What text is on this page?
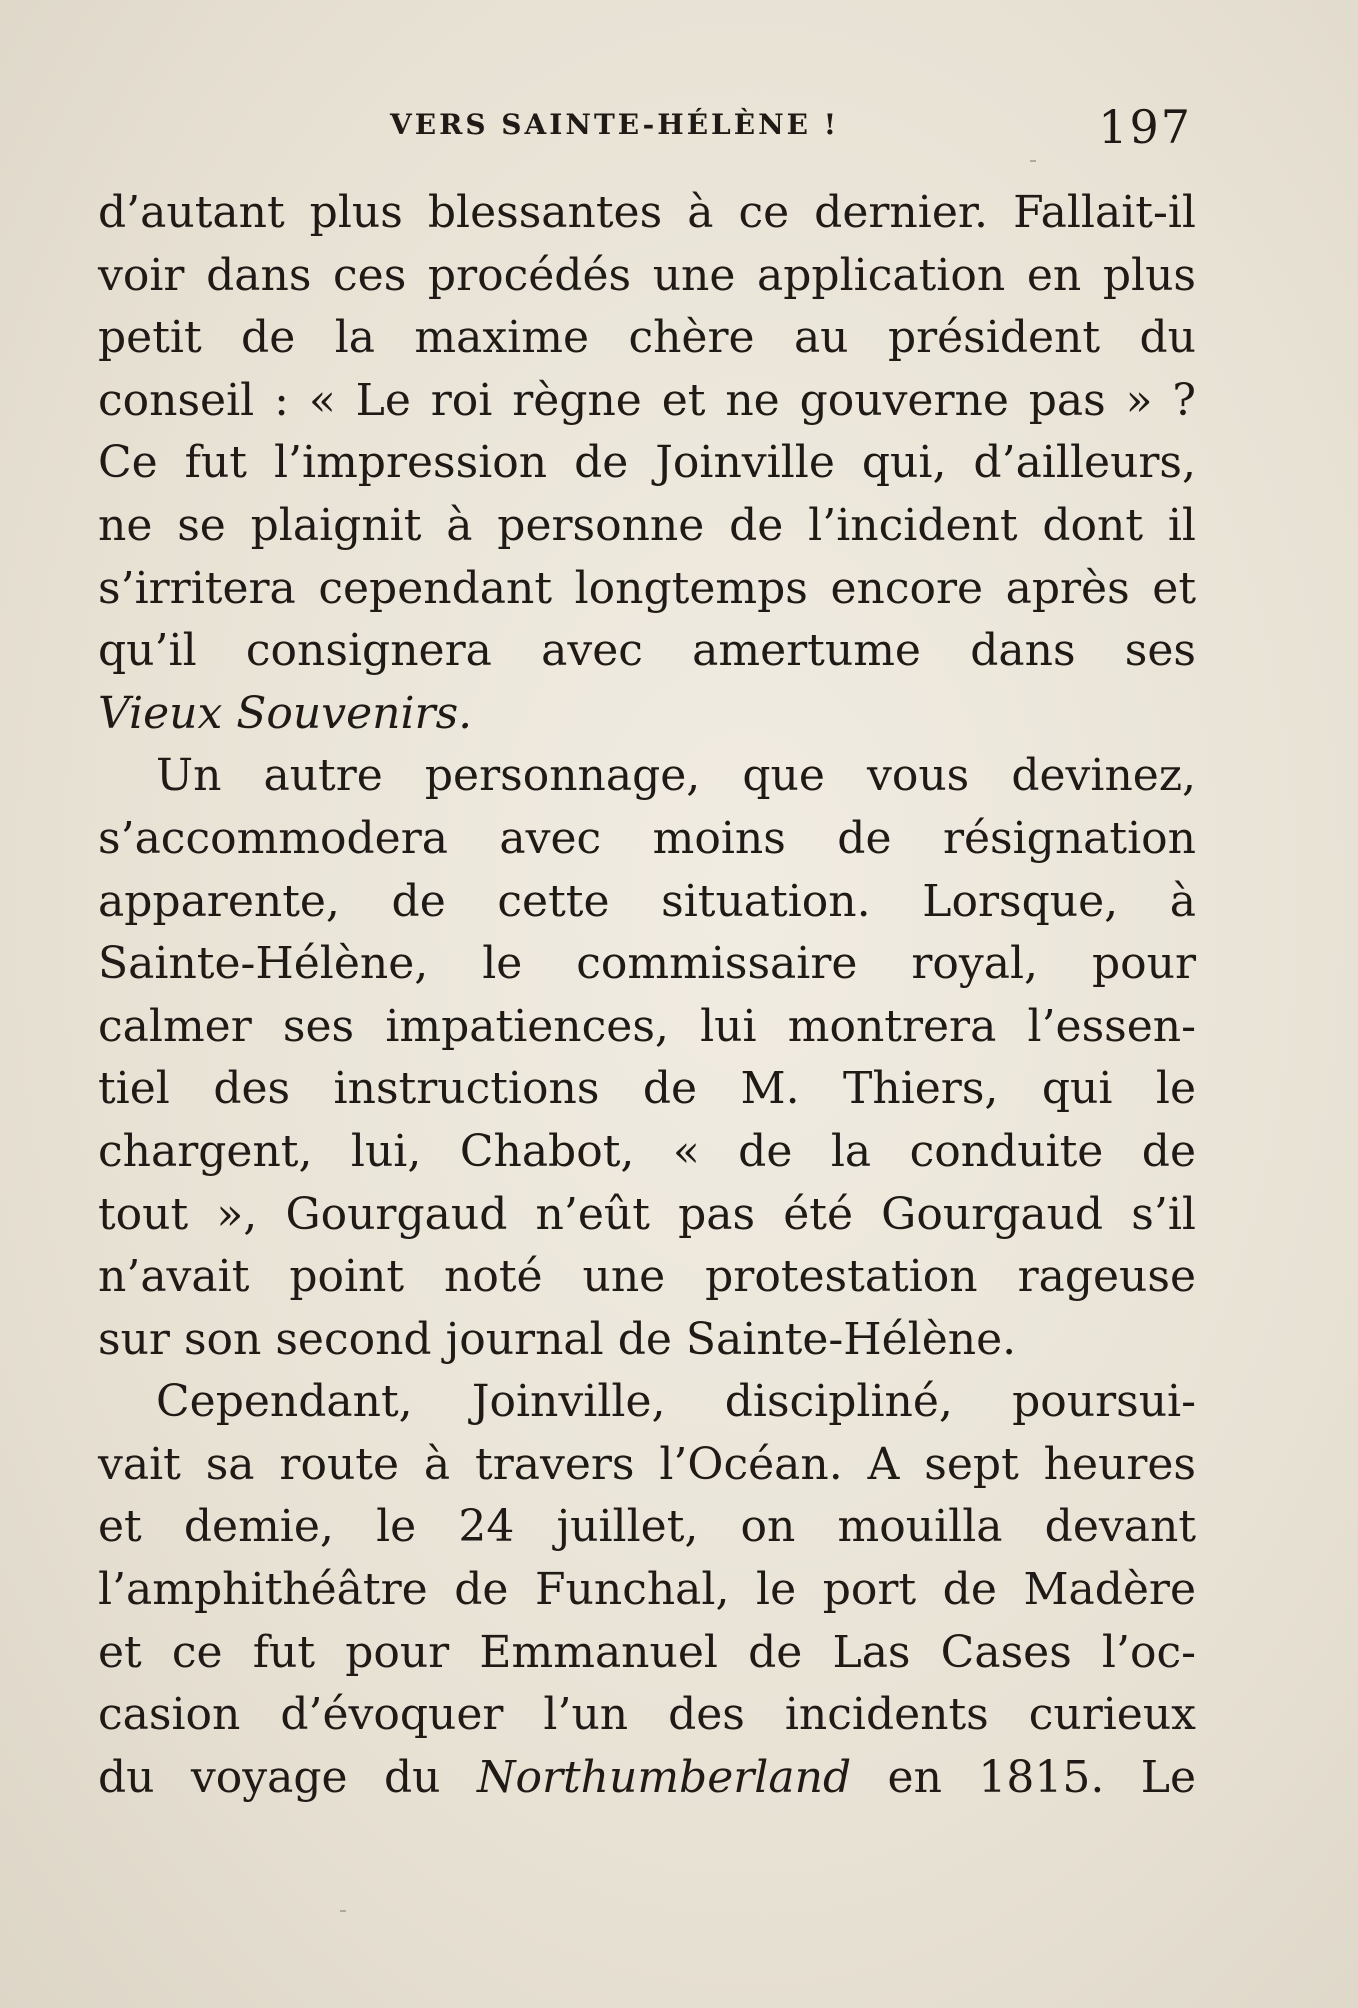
VERS SAINTE-HÉLÈNE !	197
d’autant plus blessantes à ce dernier. Fallait-il
voir dans ces procédés une application en plus
petit de la maxime chère au président du
conseil : « Le roi règne et ne gouverne pas » ?
Ce fut l’impression de Joinville qui, d’ailleurs,
ne se plaignit à personne de l’incident dont il
s’irritera cependant longtemps encore après et
qu’il consignera avec amertume dans ses
Vieux Souvenirs.
Un autre personnage, que vous devinez,
s’accommodera avec moins de résignation
apparente, de cette situation. Lorsque, à
Sainte-Hélène, le commissaire royal, pour
calmer ses impatiences, lui montrera l’essen-
tiel des instructions de M. Thiers, qui le
chargent, lui, Chabot, « de la conduite de
tout », Gourgaud n’eût pas été Gourgaud s’il
n’avait point noté une protestation rageuse
sur son second journal de Sainte-Hélène.
Cependant, Joinville, discipliné, poursui-
vait sa route à travers l’Océan. A sept heures
et demie, le 24 juillet, on mouilla devant
l’amphithéâtre de Funchal, le port de Madère
et ce fut pour Emmanuel de Las Cases l’oc-
casion d’évoquer l’un des incidents curieux
du voyage du Northumberland en 1815. Le
